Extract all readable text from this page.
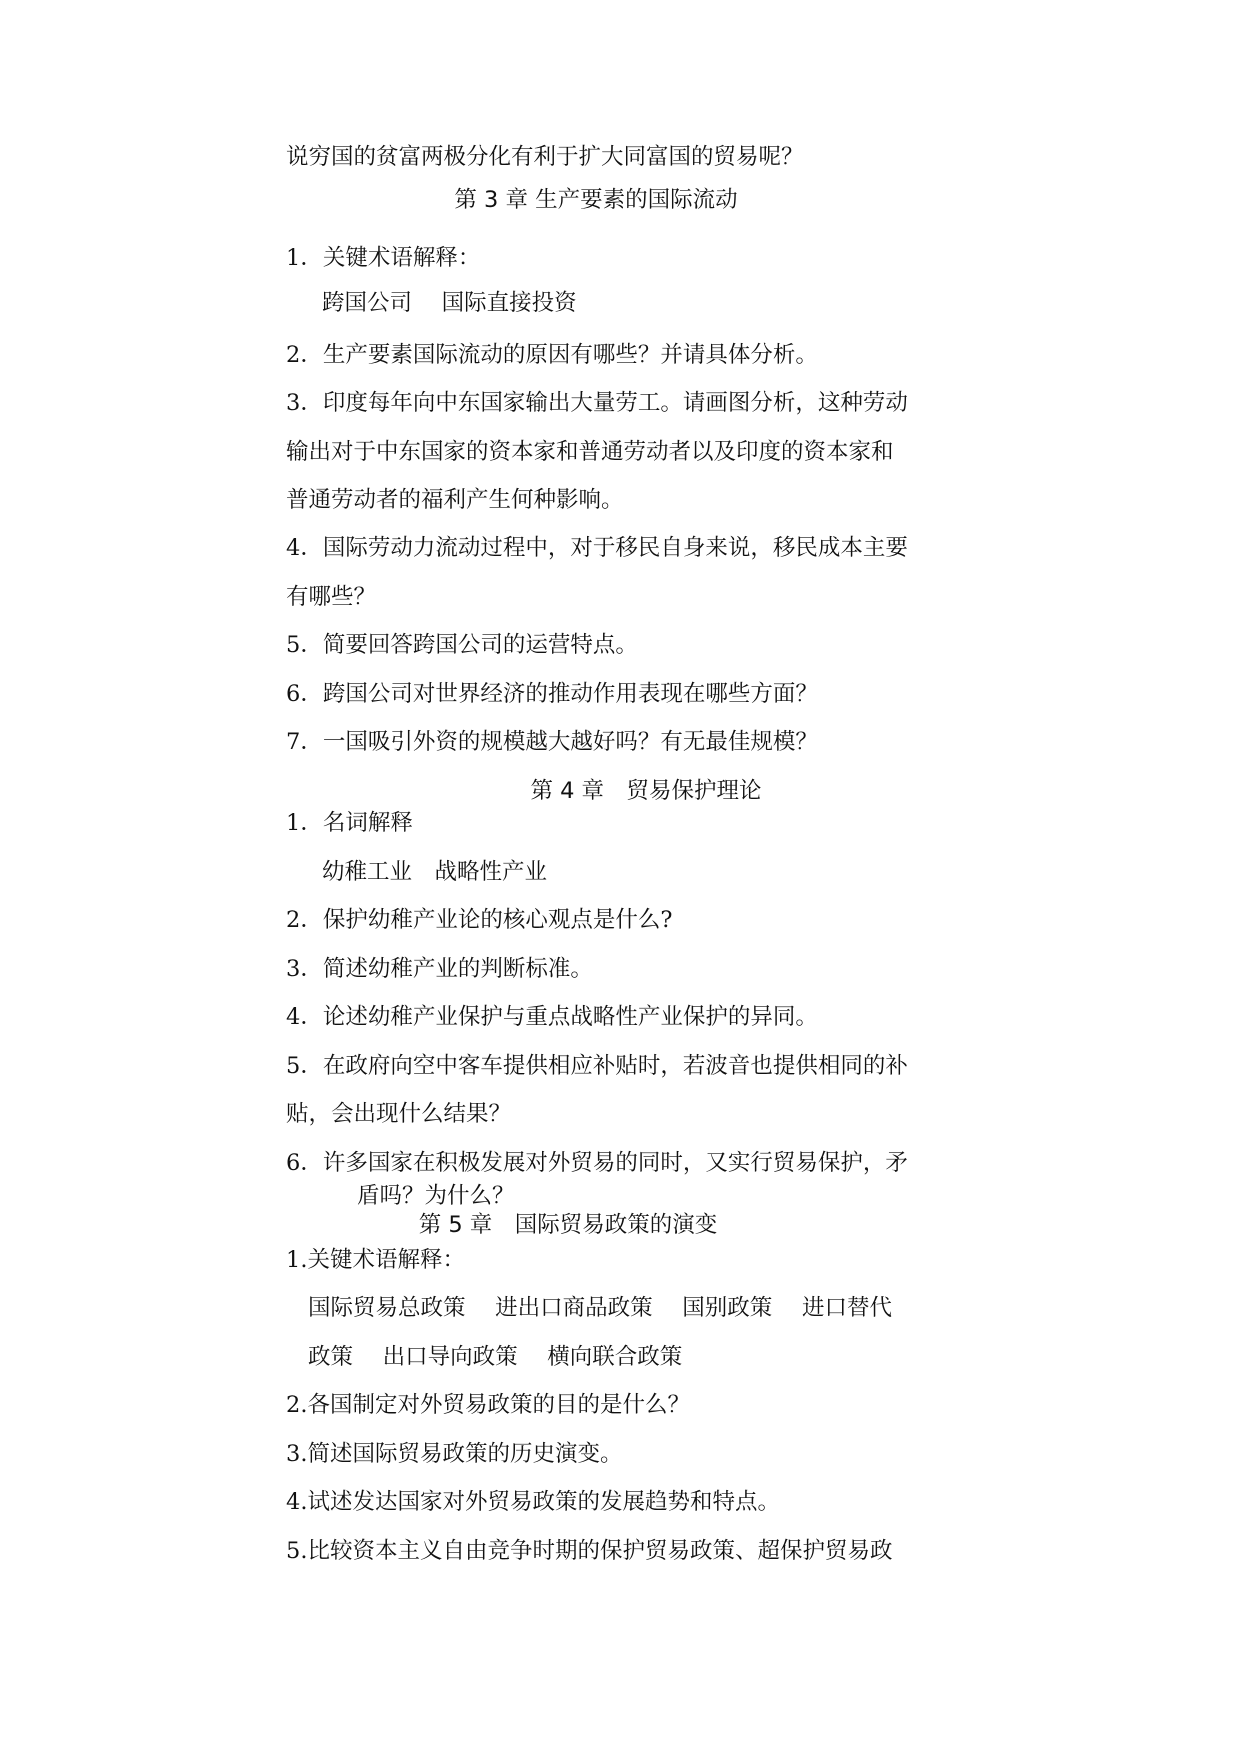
说穷国的贫富两极分化有利于扩大同富国的贸易呢？
第 3 章 生产要素的国际流动
1．关键术语解释：
跨国公司　 国际直接投资
2．生产要素国际流动的原因有哪些？并请具体分析。
3．印度每年向中东国家输出大量劳工。请画图分析，这种劳动
输出对于中东国家的资本家和普通劳动者以及印度的资本家和
普通劳动者的福利产生何种影响。
4．国际劳动力流动过程中，对于移民自身来说，移民成本主要
有哪些？
5．简要回答跨国公司的运营特点。
6．跨国公司对世界经济的推动作用表现在哪些方面？
7．一国吸引外资的规模越大越好吗？有无最佳规模？
第 4 章　贸易保护理论
1．名词解释
幼稚工业　战略性产业
2．保护幼稚产业论的核心观点是什么?
3．简述幼稚产业的判断标准。
4．论述幼稚产业保护与重点战略性产业保护的异同。
5．在政府向空中客车提供相应补贴时，若波音也提供相同的补
贴，会出现什么结果？
6．许多国家在积极发展对外贸易的同时，又实行贸易保护，矛
盾吗？为什么？
第 5 章　国际贸易政策的演变
1.关键术语解释：
国际贸易总政策　 进出口商品政策　 国别政策　 进口替代
政策　 出口导向政策　 横向联合政策
2.各国制定对外贸易政策的目的是什么？
3.简述国际贸易政策的历史演变。
4.试述发达国家对外贸易政策的发展趋势和特点。
5.比较资本主义自由竞争时期的保护贸易政策、超保护贸易政
